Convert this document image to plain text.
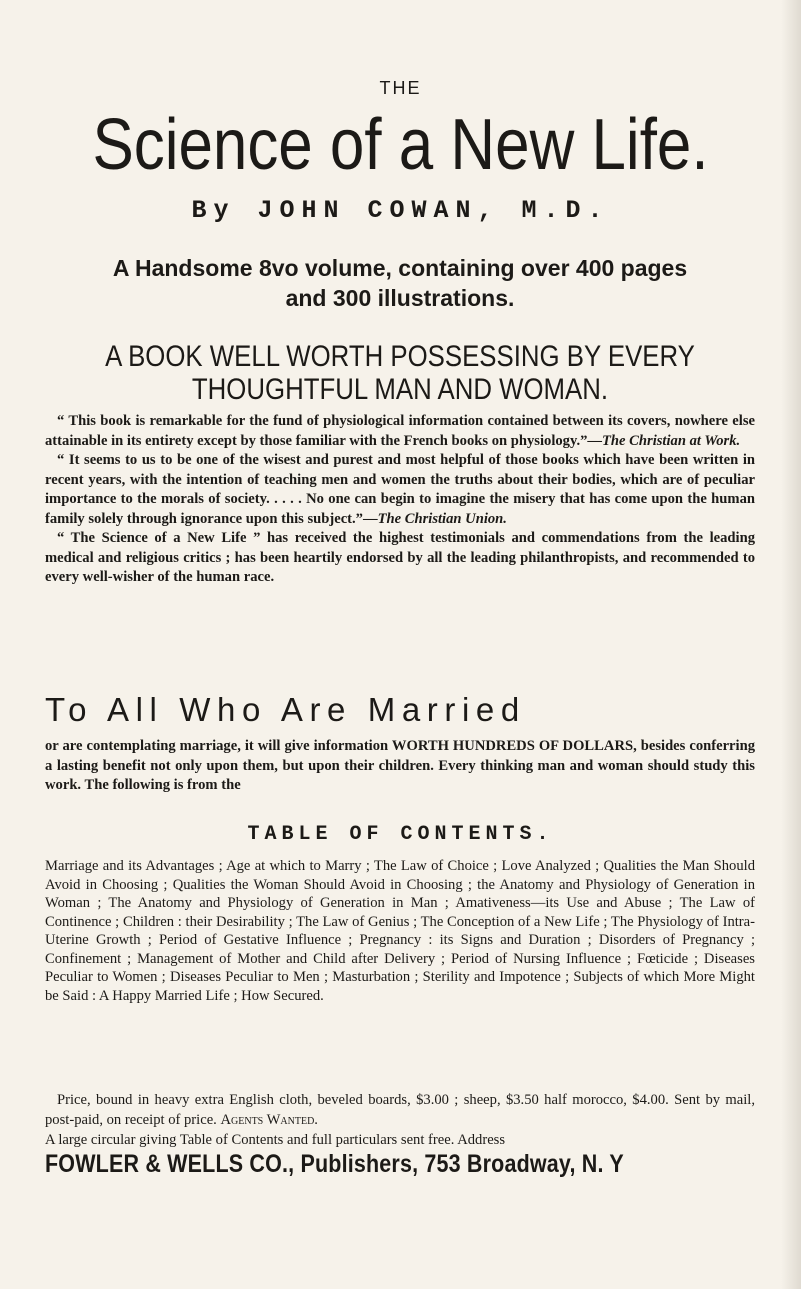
THE
Science of a New Life.
By JOHN COWAN, M.D.
A Handsome 8vo volume, containing over 400 pages
and 300 illustrations.
A BOOK WELL WORTH POSSESSING BY EVERY
THOUGHTFUL MAN AND WOMAN.

“ This book is remarkable for the fund of physiological information contained between its covers, nowhere else attainable in its entirety except by those familiar with the French books on physiology.”—The Christian at Work.

“ It seems to us to be one of the wisest and purest and most helpful of those books which have been written in recent years, with the intention of teaching men and women the truths about their bodies, which are of peculiar importance to the morals of society. . . . . No one can begin to imagine the misery that has come upon the human family solely through ignorance upon this subject.”—The Christian Union.

“ The Science of a New Life ” has received the highest testimonials and commendations from the leading medical and religious critics ; has been heartily endorsed by all the leading philanthropists, and recommended to every well-wisher of the human race.

To All Who Are Married
or are contemplating marriage, it will give information WORTH HUNDREDS OF DOLLARS, besides conferring a lasting benefit not only upon them, but upon their children. Every thinking man and woman should study this work. The following is from the
TABLE OF CONTENTS.
Marriage and its Advantages ; Age at which to Marry ; The Law of Choice ; Love Analyzed ; Qualities the Man Should Avoid in Choosing ; Qualities the Woman Should Avoid in Choosing ; the Anatomy and Physiology of Generation in Woman ; The Anatomy and Physiology of Generation in Man ; Amativeness—its Use and Abuse ; The Law of Continence ; Children : their Desirability ; The Law of Genius ; The Conception of a New Life ; The Physiology of Intra-Uterine Growth ; Period of Gestative Influence ; Pregnancy : its Signs and Duration ; Disorders of Pregnancy ; Confinement ; Management of Mother and Child after Delivery ; Period of Nursing Influence ; Fœticide ; Diseases Peculiar to Women ; Diseases Peculiar to Men ; Masturbation ; Sterility and Impotence ; Subjects of which More Might be Said : A Happy Married Life ; How Secured.

Price, bound in heavy extra English cloth, beveled boards, $3.00 ; sheep, $3.50 half morocco, $4.00. Sent by mail, post-paid, on receipt of price. Agents Wanted.

A large circular giving Table of Contents and full particulars sent free. Address

FOWLER & WELLS CO., Publishers, 753 Broadway, N. Y
